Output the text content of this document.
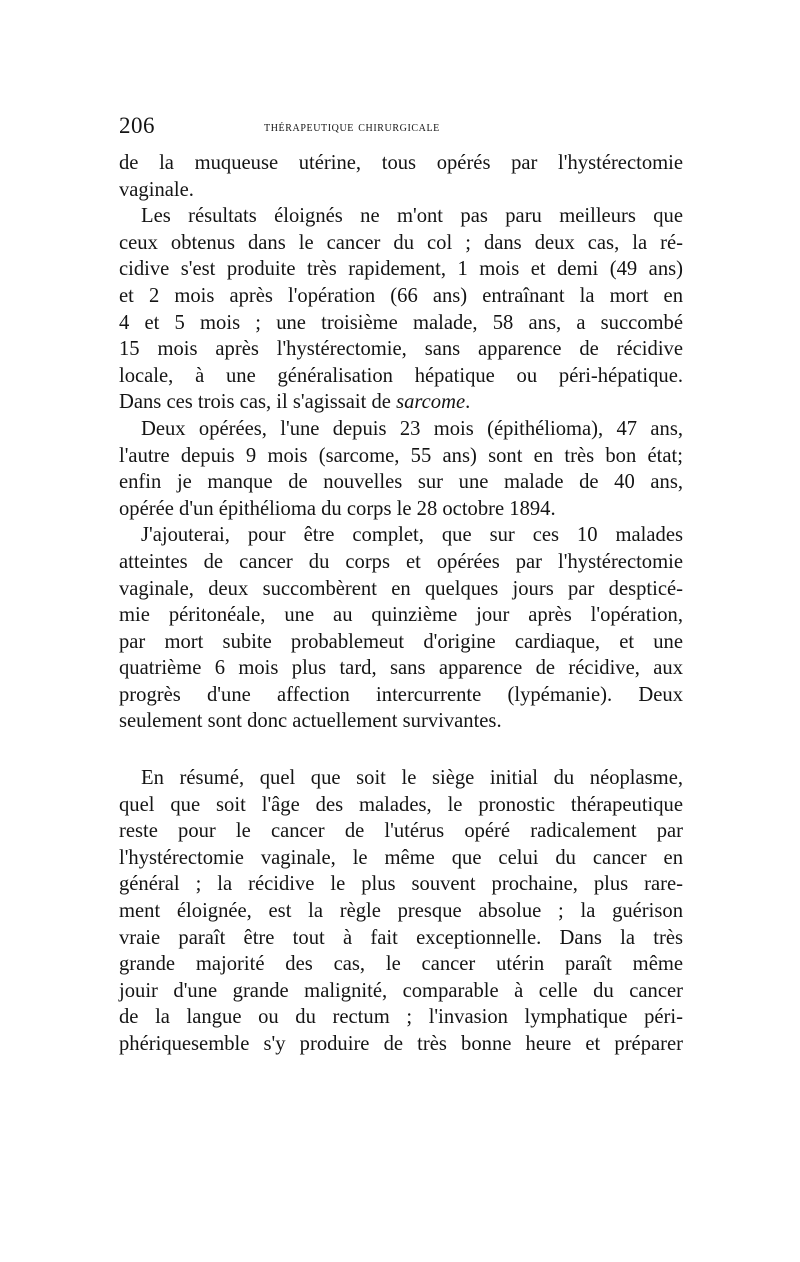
206	thérapeutique chirurgicale
de la muqueuse utérine, tous opérés par l'hystérectomie
vaginale.
Les résultats éloignés ne m'ont pas paru meilleurs que
ceux obtenus dans le cancer du col ; dans deux cas, la ré-
cidive s'est produite très rapidement, 1 mois et demi (49 ans)
et 2 mois après l'opération (66 ans) entraînant la mort en
4 et 5 mois ; une troisième malade, 58 ans, a succombé
15 mois après l'hystérectomie, sans apparence de récidive
locale, à une généralisation hépatique ou péri-hépatique.
Dans ces trois cas, il s'agissait de sarcome.
Deux opérées, l'une depuis 23 mois (épithélioma), 47 ans,
l'autre depuis 9 mois (sarcome, 55 ans) sont en très bon état;
enfin je manque de nouvelles sur une malade de 40 ans,
opérée d'un épithélioma du corps le 28 octobre 1894.
J'ajouterai, pour être complet, que sur ces 10 malades
atteintes de cancer du corps et opérées par l'hystérectomie
vaginale, deux succombèrent en quelques jours par despticé-
mie péritonéale, une au quinzième jour après l'opération,
par mort subite probablemeut d'origine cardiaque, et une
quatrième 6 mois plus tard, sans apparence de récidive, aux
progrès d'une affection intercurrente (lypémanie). Deux
seulement sont donc actuellement survivantes.
En résumé, quel que soit le siège initial du néoplasme,
quel que soit l'âge des malades, le pronostic thérapeutique
reste pour le cancer de l'utérus opéré radicalement par
l'hystérectomie vaginale, le même que celui du cancer en
général ; la récidive le plus souvent prochaine, plus rare-
ment éloignée, est la règle presque absolue ; la guérison
vraie paraît être tout à fait exceptionnelle. Dans la très
grande majorité des cas, le cancer utérin paraît même
jouir d'une grande malignité, comparable à celle du cancer
de la langue ou du rectum ; l'invasion lymphatique péri-
phériquesemble s'y produire de très bonne heure et préparer
